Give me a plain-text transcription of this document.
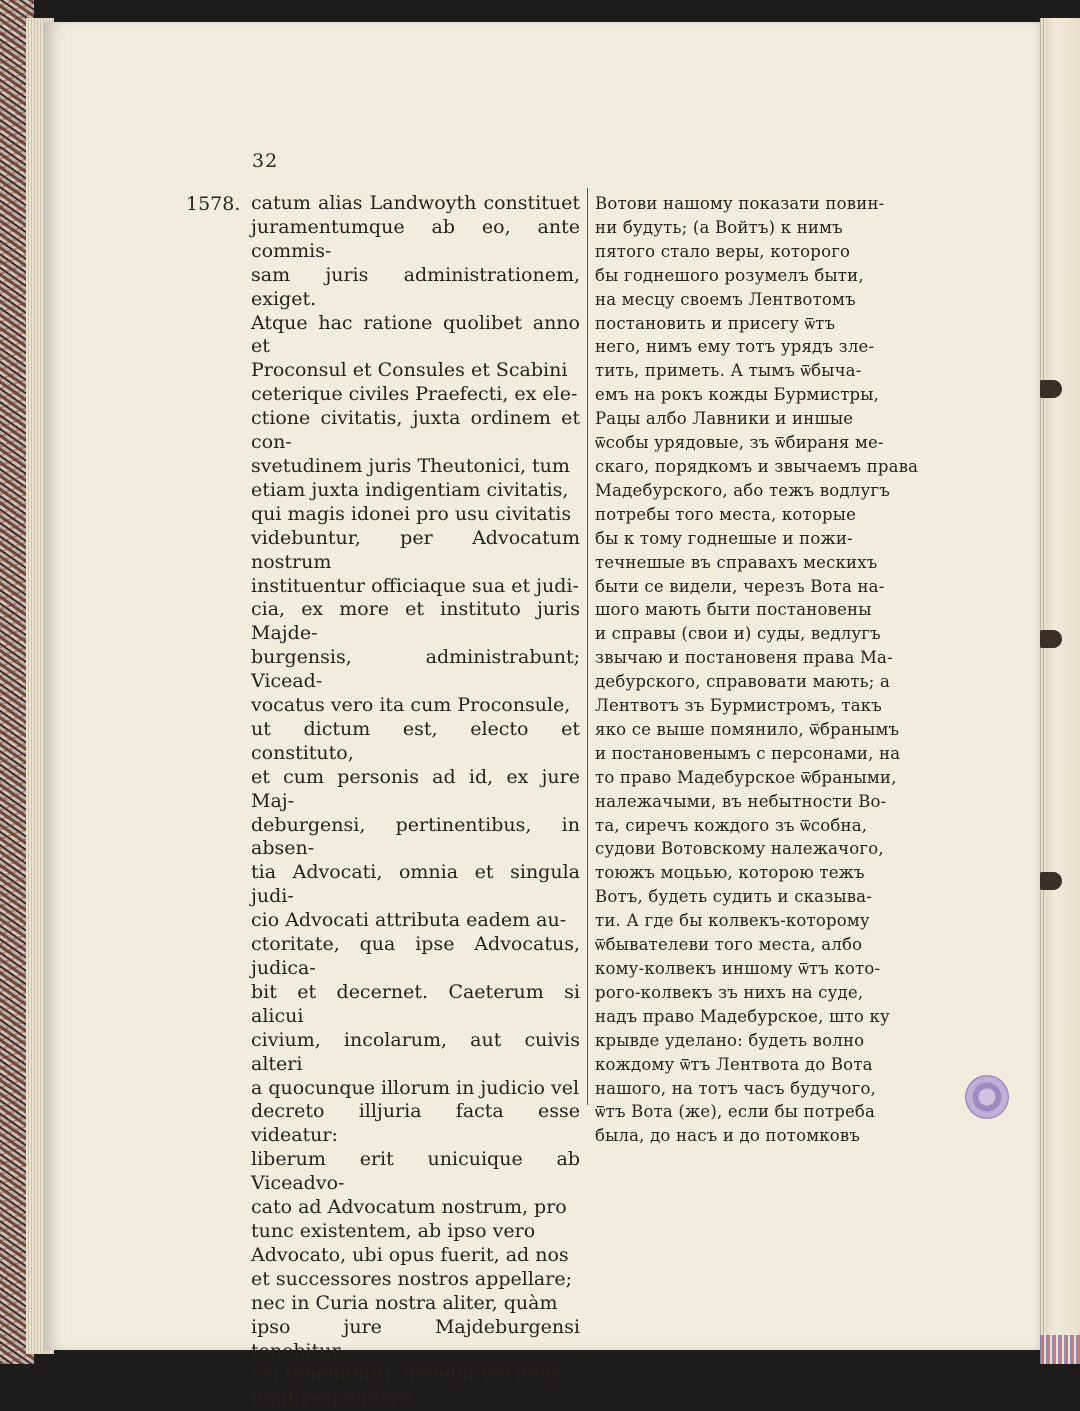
32
1578. catum alias Landwoyth constituet juramentumque ab eo, ante commis-
sam juris administrationem, exiget.
Atque hac ratione quolibet anno et
Proconsul et Consules et Scabini
ceterique civiles Praefecti, ex ele-
ctione civitatis, juxta ordinem et con-
svetudinem juris Theutonici, tum
etiam juxta indigentiam civitatis,
qui magis idonei pro usu civitatis
videbuntur, per Advocatum nostrum
instituentur officiaque sua et judi-
cia, ex more et instituto juris Majde-
burgensis, administrabunt; Vicead-
vocatus vero ita cum Proconsule,
ut dictum est, electo et constituto,
et cum personis ad id, ex jure Maj-
deburgensi, pertinentibus, in absen-
tia Advocati, omnia et singula judi-
cio Advocati attributa eadem au-
ctoritate, qua ipse Advocatus, judica-
bit et decernet. Caeterum si alicui
civium, incolarum, aut cuivis alteri
a quocunque illorum in judicio vel
decreto illjuria facta esse videatur:
liberum erit unicuique ab Viceadvo-
cato ad Advocatum nostrum, pro
tunc existentem, ab ipso vero
Advocato, ubi opus fuerit, ad nos
et successores nostros appellare;
nec in Curia nostra aliter, quàm
ipso jure Majdeburgensi tenebitur
vel tenebuntur, debebit vel debe-
bunt respondere.

Вотови нашому показати повин-
ни будуть; (а Войтъ) к нимъ
пятого стало веры, которого
бы годнешого розумелъ быти,
на месцу своемъ Лентвотомъ
постановить и присегу ѿтъ
него, нимъ ему тотъ урядъ зле-
тить, приметь. А тымъ ѿбыча-
емъ на рокъ кожды Бурмистры,
Рацы албо Лавники и иншые
ѿсобы урядовые, зъ ѿбираня ме-
скаго, порядкомъ и звычаемъ права
Мадебурского, або тежъ водлугъ
потребы того места, которые
бы к тому годнешые и пожи-
течнешые въ справахъ мескихъ
быти се видели, черезъ Вота на-
шого мають быти постановены
и справы (свои и) суды, ведлугъ
звычаю и постановеня права Ма-
дебурского, справовати мають; а
Лентвотъ зъ Бурмистромъ, такъ
яко се выше помянило, ѿбранымъ
и постановенымъ с персонами, на
то право Мадебурское ѿбраными,
належачыми, въ небытности Во-
та, сиречъ кождого зъ ѿсобна,
судови Вотовскому належачого,
тоюжъ моцьью, которою тежъ
Вотъ, будеть судить и сказыва-
ти. А где бы колвекъ-которому
ѿбывателеви того места, албо
кому-колвекъ иншому ѿтъ кото-
рого-колвекъ зъ нихъ на суде,
надъ право Мадебурское, што ку
крывде уделано: будеть волно
кождому ѿтъ Лентвота до Вота
нашого, на тотъ часъ будучого,
ѿтъ Вота (же), если бы потреба
была, до насъ и до потомковъ
